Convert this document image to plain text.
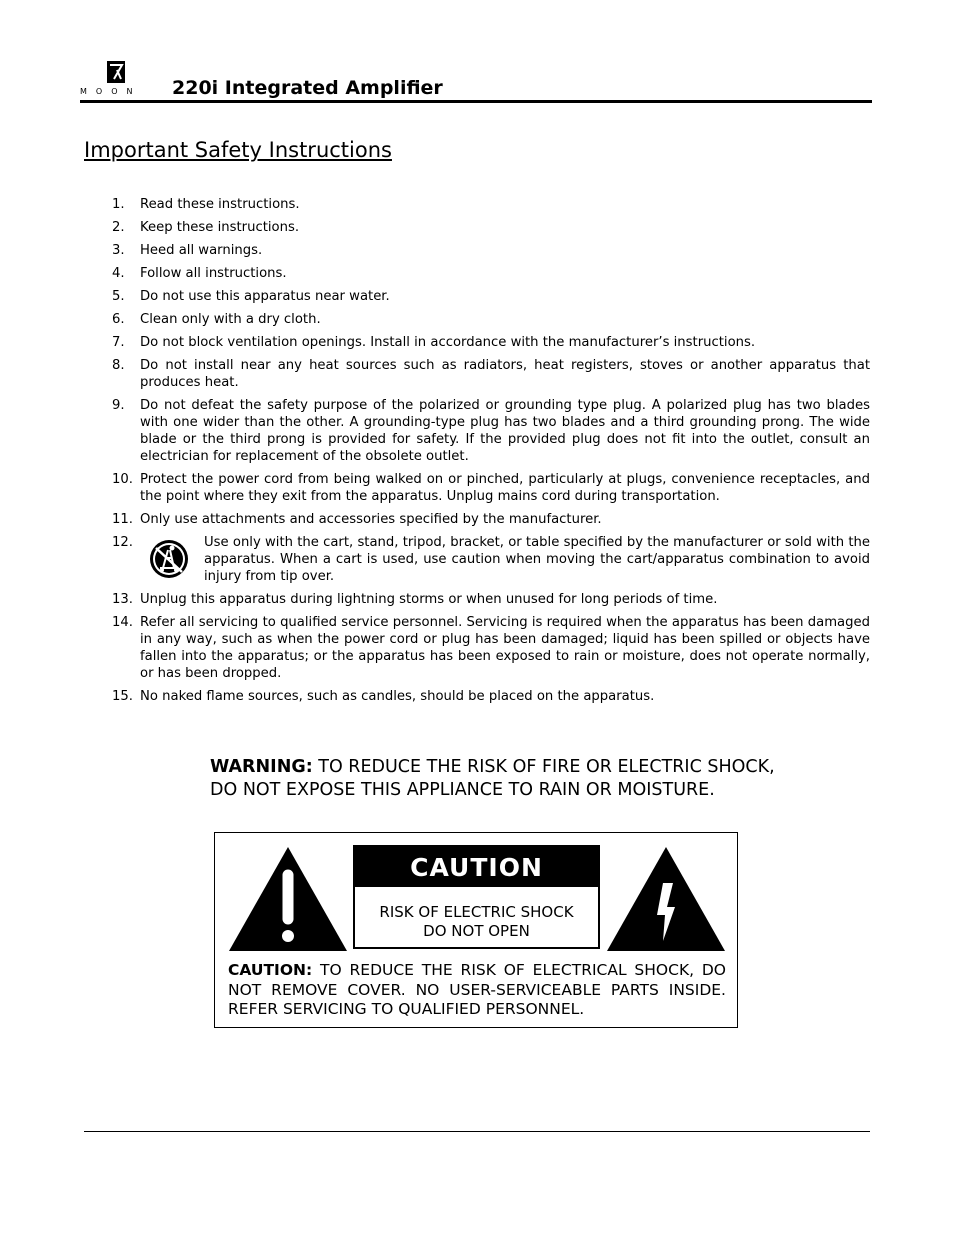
MOON	220i Integrated Amplifier
Important Safety Instructions
1. Read these instructions.
2. Keep these instructions.
3. Heed all warnings.
4. Follow all instructions.
5. Do not use this apparatus near water.
6. Clean only with a dry cloth.
7. Do not block ventilation openings. Install in accordance with the manufacturer’s instructions.
8. Do not install near any heat sources such as radiators, heat registers, stoves or another apparatus that produces heat.
9. Do not defeat the safety purpose of the polarized or grounding type plug. A polarized plug has two blades with one wider than the other. A grounding-type plug has two blades and a third grounding prong. The wide blade or the third prong is provided for safety. If the provided plug does not fit into the outlet, consult an electrician for replacement of the obsolete outlet.
10. Protect the power cord from being walked on or pinched, particularly at plugs, convenience receptacles, and the point where they exit from the apparatus. Unplug mains cord during transportation.
11. Only use attachments and accessories specified by the manufacturer.
12.	Use only with the cart, stand, tripod, bracket, or table specified by the manufacturer or sold with the apparatus. When a cart is used, use caution when moving the cart/apparatus combination to avoid injury from tip over.
13. Unplug this apparatus during lightning storms or when unused for long periods of time.
14. Refer all servicing to qualified service personnel. Servicing is required when the apparatus has been damaged in any way, such as when the power cord or plug has been damaged; liquid has been spilled or objects have fallen into the apparatus; or the apparatus has been exposed to rain or moisture, does not operate normally, or has been dropped.
15. No naked flame sources, such as candles, should be placed on the apparatus.
WARNING: TO REDUCE THE RISK OF FIRE OR ELECTRIC SHOCK,
DO NOT EXPOSE THIS APPLIANCE TO RAIN OR MOISTURE.
CAUTION
RISK OF ELECTRIC SHOCK
DO NOT OPEN
CAUTION: TO REDUCE THE RISK OF ELECTRICAL SHOCK, DO NOT REMOVE COVER. NO USER-SERVICEABLE PARTS INSIDE. REFER SERVICING TO QUALIFIED PERSONNEL.
